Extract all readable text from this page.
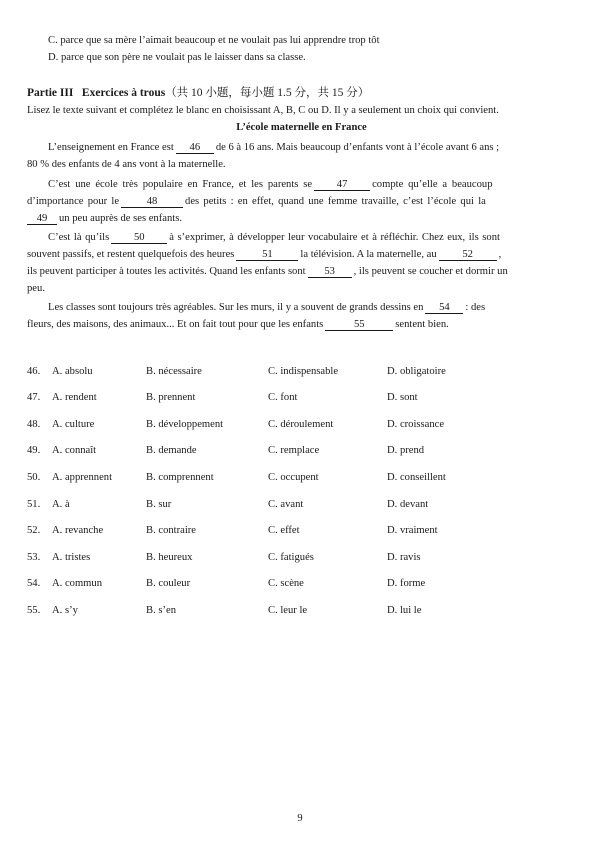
C. parce que sa mère l’aimait beaucoup et ne voulait pas lui apprendre trop tôt
D. parce que son père ne voulait pas le laisser dans sa classe.
Partie III   Exercices à trous（共 10 小题，每小题 1.5 分，共 15 分）
Lisez le texte suivant et complétez le blanc en choisissant A, B, C ou D. Il y a seulement un choix qui convient.
L’école maternelle en France
L’enseignement en France est 46 de 6 à 16 ans. Mais beaucoup d’enfants vont à l’école avant 6 ans ;
80 % des enfants de 4 ans vont à la maternelle.
C’est une école très populaire en France, et les parents se 47 compte qu’elle a beaucoup
d’importance pour le	48	des petits : en effet, quand une femme travaille, c’est l’école qui la
49 un peu auprès de ses enfants.
C’est là qu’ils 50 à s’exprimer, à développer leur vocabulaire et à réfléchir. Chez eux, ils sont
souvent passifs, et restent quelquefois des heures	51	la télévision. A la maternelle, au 52 ,
ils peuvent participer à toutes les activités. Quand les enfants sont 53 , ils peuvent se coucher et dormir un
peu.
Les classes sont toujours très agréables. Sur les murs, il y a souvent de grands dessins en 54 : des
fleurs, des maisons, des animaux... Et on fait tout pour que les enfants	55	sentent bien.
46. A. absolu	B. nécessaire	C. indispensable	D. obligatoire
47. A. rendent	B. prennent	C. font	D. sont
48. A. culture	B. développement	C. déroulement	D. croissance
49. A. connaît	B. demande	C. remplace	D. prend
50. A. apprennent	B. comprennent	C. occupent	D. conseillent
51. A. à	B. sur	C. avant	D. devant
52. A. revanche	B. contraire	C. effet	D. vraiment
53. A. tristes	B. heureux	C. fatigués	D. ravis
54. A. commun	B. couleur	C. scène	D. forme
55. A. s’y	B. s’en	C. leur le	D. lui le
9
